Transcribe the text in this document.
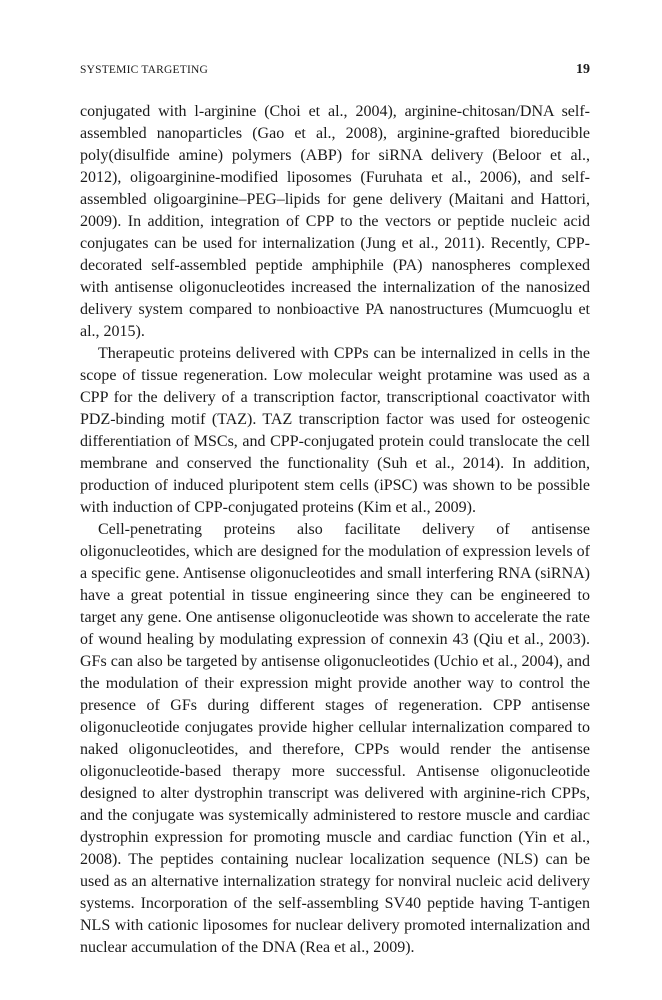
SYSTEMIC TARGETING	19

conjugated with l-arginine (Choi et al., 2004), arginine-chitosan/DNA self-assembled nanoparticles (Gao et al., 2008), arginine-grafted bioreducible poly(disulfide amine) polymers (ABP) for siRNA delivery (Beloor et al., 2012), oligoarginine-modified liposomes (Furuhata et al., 2006), and self-assembled oligoarginine–PEG–lipids for gene delivery (Maitani and Hattori, 2009). In addition, integration of CPP to the vectors or peptide nucleic acid conjugates can be used for internalization (Jung et al., 2011). Recently, CPP-decorated self-assembled peptide amphiphile (PA) nanospheres complexed with antisense oligonucleotides increased the internalization of the nanosized delivery system compared to nonbioactive PA nanostructures (Mumcuoglu et al., 2015).

Therapeutic proteins delivered with CPPs can be internalized in cells in the scope of tissue regeneration. Low molecular weight protamine was used as a CPP for the delivery of a transcription factor, transcriptional coactivator with PDZ-binding motif (TAZ). TAZ transcription factor was used for osteogenic differentiation of MSCs, and CPP-conjugated protein could translocate the cell membrane and conserved the functionality (Suh et al., 2014). In addition, production of induced pluripotent stem cells (iPSC) was shown to be possible with induction of CPP-conjugated proteins (Kim et al., 2009).

Cell-penetrating proteins also facilitate delivery of antisense oligonucleotides, which are designed for the modulation of expression levels of a specific gene. Antisense oligonucleotides and small interfering RNA (siRNA) have a great potential in tissue engineering since they can be engineered to target any gene. One antisense oligonucleotide was shown to accelerate the rate of wound healing by modulating expression of connexin 43 (Qiu et al., 2003). GFs can also be targeted by antisense oligonucleotides (Uchio et al., 2004), and the modulation of their expression might provide another way to control the presence of GFs during different stages of regeneration. CPP antisense oligonucleotide conjugates provide higher cellular internalization compared to naked oligonucleotides, and therefore, CPPs would render the antisense oligonucleotide-based therapy more successful. Antisense oligonucleotide designed to alter dystrophin transcript was delivered with arginine-rich CPPs, and the conjugate was systemically administered to restore muscle and cardiac dystrophin expression for promoting muscle and cardiac function (Yin et al., 2008). The peptides containing nuclear localization sequence (NLS) can be used as an alternative internalization strategy for nonviral nucleic acid delivery systems. Incorporation of the self-assembling SV40 peptide having T-antigen NLS with cationic liposomes for nuclear delivery promoted internalization and nuclear accumulation of the DNA (Rea et al., 2009).
